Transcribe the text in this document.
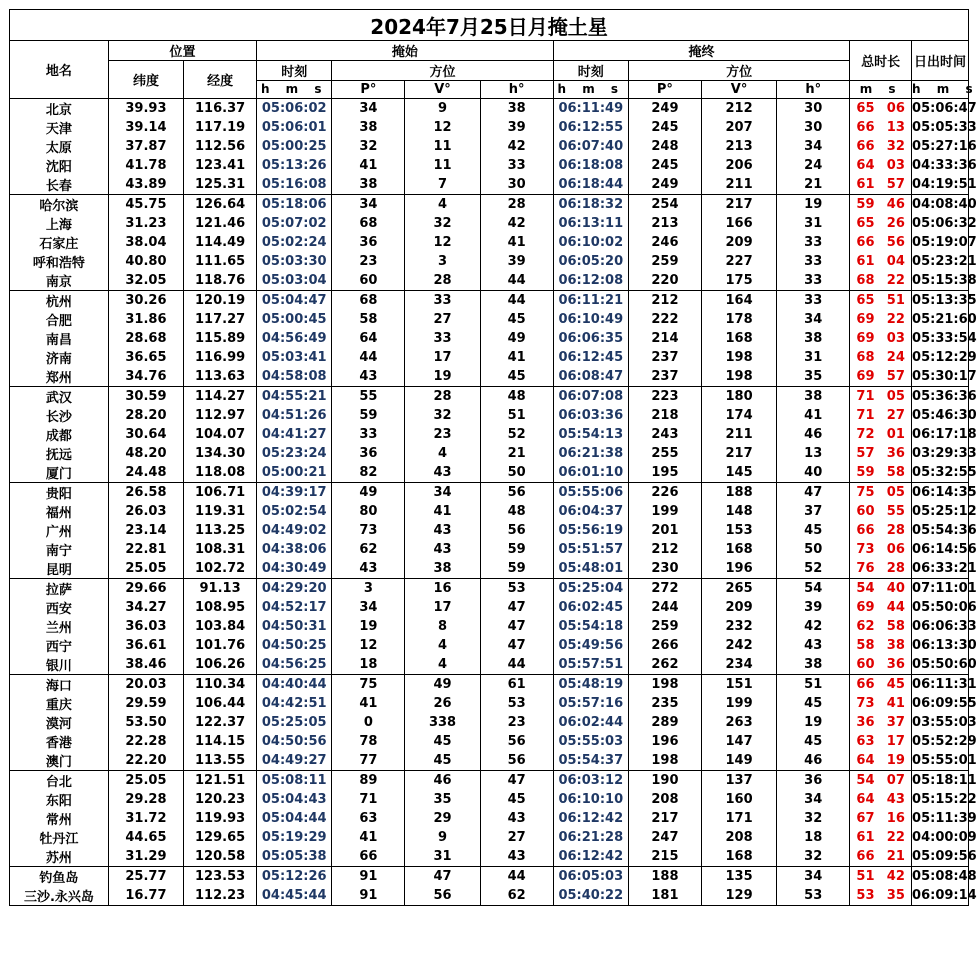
2024年7月25日月掩土星													
地名	位置		掩始				掩终				总时长		日出时间
	纬度	经度	时刻	方位			时刻	方位					
			h m s	P°	V°	h°	h m s	P°	V°	h°	m s		h m s
北京	39.93	116.37	05:06:02	34	9	38	06:11:49	249	212	30	65	06	05:06:47
天津	39.14	117.19	05:06:01	38	12	39	06:12:55	245	207	30	66	13	05:05:33
太原	37.87	112.56	05:00:25	32	11	42	06:07:40	248	213	34	66	32	05:27:16
沈阳	41.78	123.41	05:13:26	41	11	33	06:18:08	245	206	24	64	03	04:33:36
长春	43.89	125.31	05:16:08	38	7	30	06:18:44	249	211	21	61	57	04:19:51
哈尔滨	45.75	126.64	05:18:06	34	4	28	06:18:32	254	217	19	59	46	04:08:40
上海	31.23	121.46	05:07:02	68	32	42	06:13:11	213	166	31	65	26	05:06:32
石家庄	38.04	114.49	05:02:24	36	12	41	06:10:02	246	209	33	66	56	05:19:07
呼和浩特	40.80	111.65	05:03:30	23	3	39	06:05:20	259	227	33	61	04	05:23:21
南京	32.05	118.76	05:03:04	60	28	44	06:12:08	220	175	33	68	22	05:15:38
杭州	30.26	120.19	05:04:47	68	33	44	06:11:21	212	164	33	65	51	05:13:35
合肥	31.86	117.27	05:00:45	58	27	45	06:10:49	222	178	34	69	22	05:21:60
南昌	28.68	115.89	04:56:49	64	33	49	06:06:35	214	168	38	69	03	05:33:54
济南	36.65	116.99	05:03:41	44	17	41	06:12:45	237	198	31	68	24	05:12:29
郑州	34.76	113.63	04:58:08	43	19	45	06:08:47	237	198	35	69	57	05:30:17
武汉	30.59	114.27	04:55:21	55	28	48	06:07:08	223	180	38	71	05	05:36:36
长沙	28.20	112.97	04:51:26	59	32	51	06:03:36	218	174	41	71	27	05:46:30
成都	30.64	104.07	04:41:27	33	23	52	05:54:13	243	211	46	72	01	06:17:18
抚远	48.20	134.30	05:23:24	36	4	21	06:21:38	255	217	13	57	36	03:29:33
厦门	24.48	118.08	05:00:21	82	43	50	06:01:10	195	145	40	59	58	05:32:55
贵阳	26.58	106.71	04:39:17	49	34	56	05:55:06	226	188	47	75	05	06:14:35
福州	26.03	119.31	05:02:54	80	41	48	06:04:37	199	148	37	60	55	05:25:12
广州	23.14	113.25	04:49:02	73	43	56	05:56:19	201	153	45	66	28	05:54:36
南宁	22.81	108.31	04:38:06	62	43	59	05:51:57	212	168	50	73	06	06:14:56
昆明	25.05	102.72	04:30:49	43	38	59	05:48:01	230	196	52	76	28	06:33:21
拉萨	29.66	91.13	04:29:20	3	16	53	05:25:04	272	265	54	54	40	07:11:01
西安	34.27	108.95	04:52:17	34	17	47	06:02:45	244	209	39	69	44	05:50:06
兰州	36.03	103.84	04:50:31	19	8	47	05:54:18	259	232	42	62	58	06:06:33
西宁	36.61	101.76	04:50:25	12	4	47	05:49:56	266	242	43	58	38	06:13:30
银川	38.46	106.26	04:56:25	18	4	44	05:57:51	262	234	38	60	36	05:50:60
海口	20.03	110.34	04:40:44	75	49	61	05:48:19	198	151	51	66	45	06:11:31
重庆	29.59	106.44	04:42:51	41	26	53	05:57:16	235	199	45	73	41	06:09:55
漠河	53.50	122.37	05:25:05	0	338	23	06:02:44	289	263	19	36	37	03:55:03
香港	22.28	114.15	04:50:56	78	45	56	05:55:03	196	147	45	63	17	05:52:29
澳门	22.20	113.55	04:49:27	77	45	56	05:54:37	198	149	46	64	19	05:55:01
台北	25.05	121.51	05:08:11	89	46	47	06:03:12	190	137	36	54	07	05:18:11
东阳	29.28	120.23	05:04:43	71	35	45	06:10:10	208	160	34	64	43	05:15:22
常州	31.72	119.93	05:04:44	63	29	43	06:12:42	217	171	32	67	16	05:11:39
牡丹江	44.65	129.65	05:19:29	41	9	27	06:21:28	247	208	18	61	22	04:00:09
苏州	31.29	120.58	05:05:38	66	31	43	06:12:42	215	168	32	66	21	05:09:56
钓鱼岛	25.77	123.53	05:12:26	91	47	44	06:05:03	188	135	34	51	42	05:08:48
三沙.永兴岛	16.77	112.23	04:45:44	91	56	62	05:40:22	181	129	53	53	35	06:09:14
